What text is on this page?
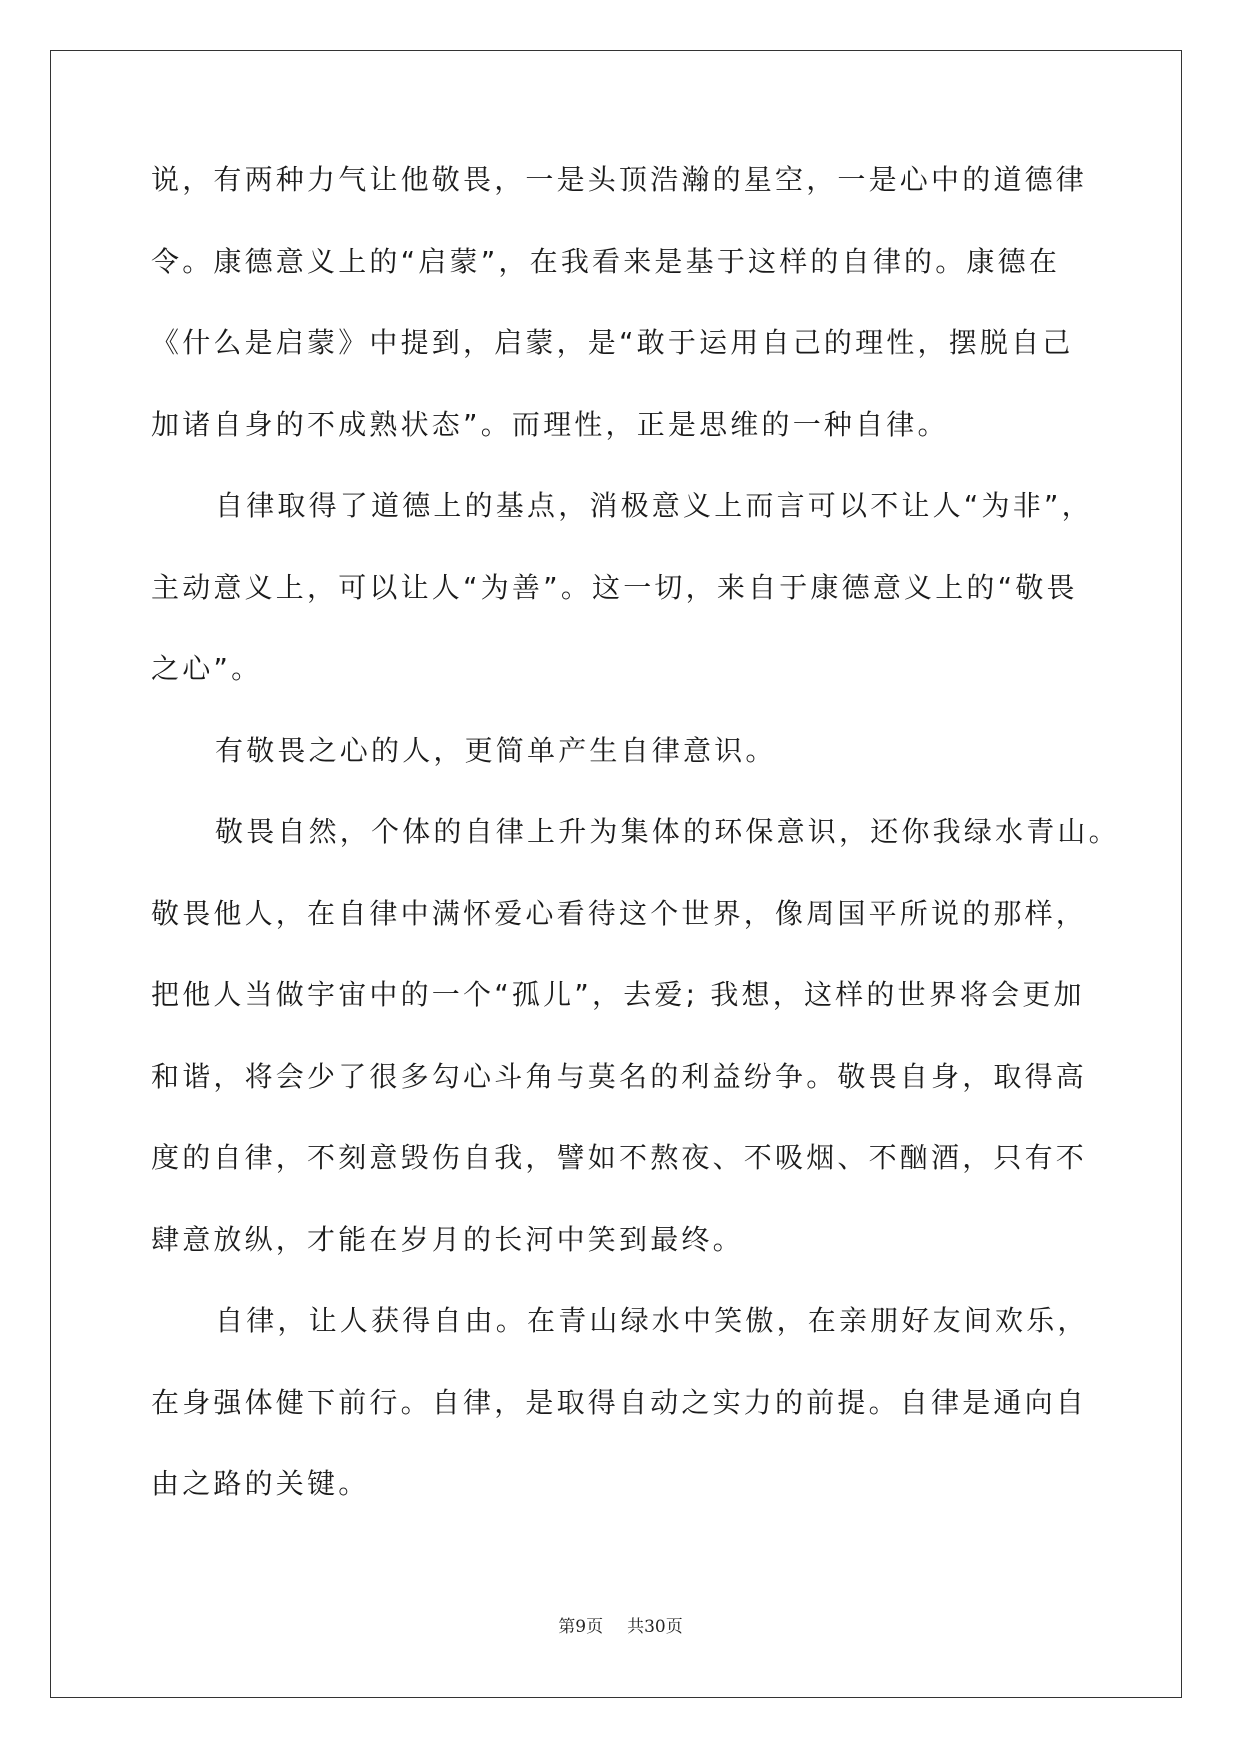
说，有两种力气让他敬畏，一是头顶浩瀚的星空，一是心中的道德律
令。康德意义上的“启蒙”，在我看来是基于这样的自律的。康德在
《什么是启蒙》中提到，启蒙，是“敢于运用自己的理性，摆脱自己
加诸自身的不成熟状态”。而理性，正是思维的一种自律。
自律取得了道德上的基点，消极意义上而言可以不让人“为非”，
主动意义上，可以让人“为善”。这一切，来自于康德意义上的“敬畏
之心”。
有敬畏之心的人，更简单产生自律意识。
敬畏自然，个体的自律上升为集体的环保意识，还你我绿水青山。
敬畏他人，在自律中满怀爱心看待这个世界，像周国平所说的那样，
把他人当做宇宙中的一个“孤儿”，去爱; 我想，这样的世界将会更加
和谐，将会少了很多勾心斗角与莫名的利益纷争。敬畏自身，取得高
度的自律，不刻意毁伤自我，譬如不熬夜、不吸烟、不酗酒，只有不
肆意放纵，才能在岁月的长河中笑到最终。
自律，让人获得自由。在青山绿水中笑傲，在亲朋好友间欢乐，
在身强体健下前行。自律，是取得自动之实力的前提。自律是通向自
由之路的关键。
第9页 共30页
